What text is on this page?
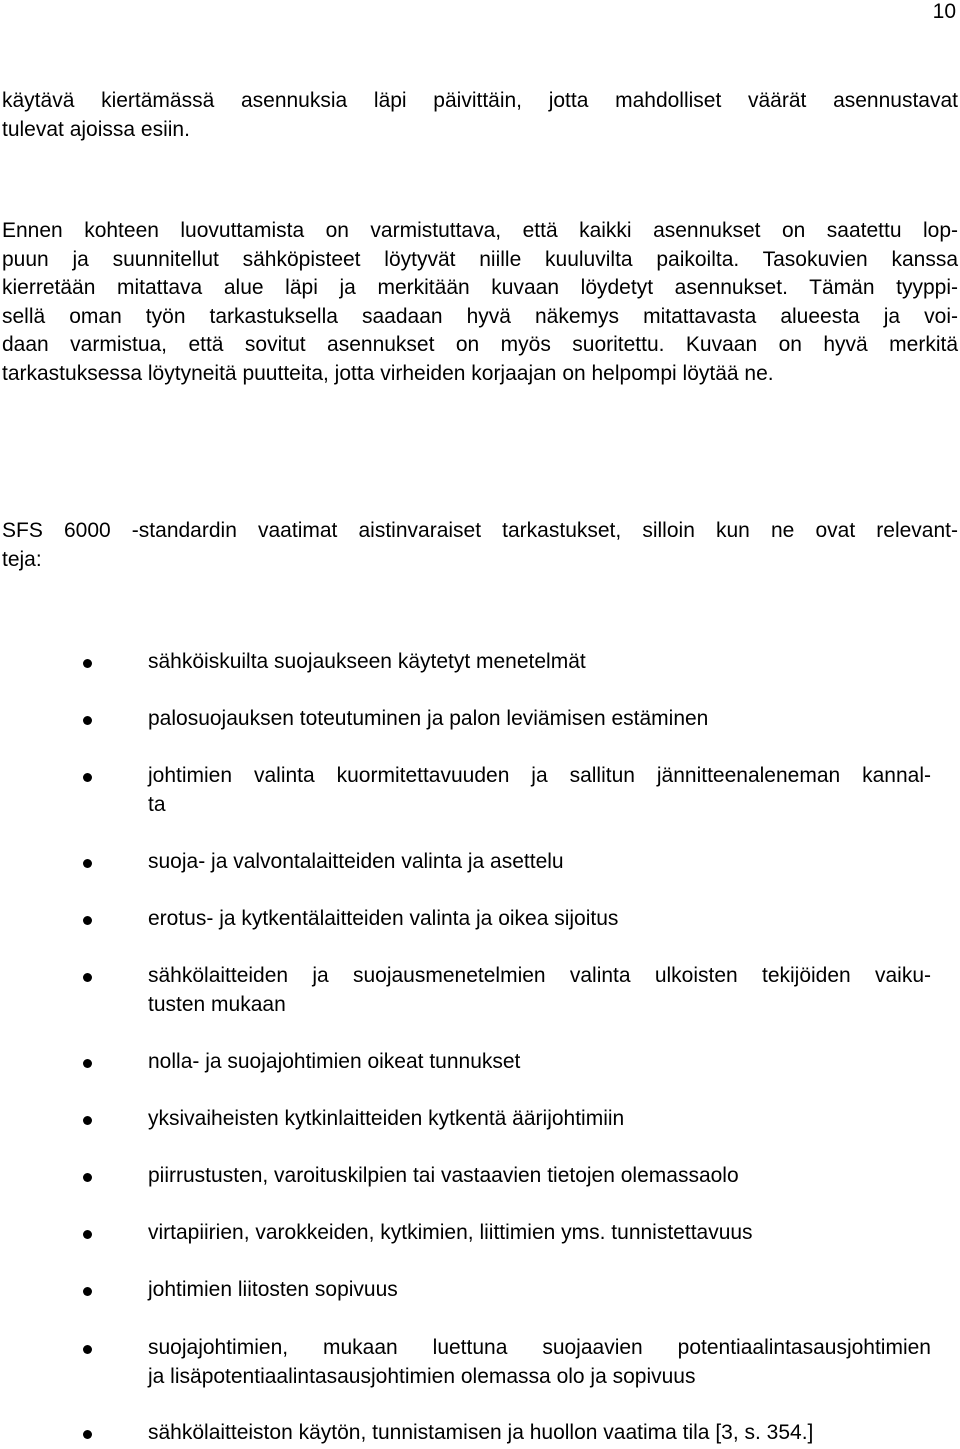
10

käytävä kiertämässä asennuksia läpi päivittäin, jotta mahdolliset väärät asennustavat
tulevat ajoissa esiin.

Ennen kohteen luovuttamista on varmistuttava, että kaikki asennukset on saatettu lop-
puun ja suunnitellut sähköpisteet löytyvät niille kuuluvilta paikoilta. Tasokuvien kanssa
kierretään mitattava alue läpi ja merkitään kuvaan löydetyt asennukset. Tämän tyyppi-
sellä oman työn tarkastuksella saadaan hyvä näkemys mitattavasta alueesta ja voi-
daan varmistua, että sovitut asennukset on myös suoritettu. Kuvaan on hyvä merkitä
tarkastuksessa löytyneitä puutteita, jotta virheiden korjaajan on helpompi löytää ne.

SFS 6000 -standardin vaatimat aistinvaraiset tarkastukset, silloin kun ne ovat relevant-
teja:

sähköiskuilta suojaukseen käytetyt menetelmät
palosuojauksen toteutuminen ja palon leviämisen estäminen
johtimien valinta kuormitettavuuden ja sallitun jännitteenaleneman kannal-
ta
suoja- ja valvontalaitteiden valinta ja asettelu
erotus- ja kytkentälaitteiden valinta ja oikea sijoitus
sähkölaitteiden ja suojausmenetelmien valinta ulkoisten tekijöiden vaiku-
tusten mukaan
nolla- ja suojajohtimien oikeat tunnukset
yksivaiheisten kytkinlaitteiden kytkentä äärijohtimiin
piirrustusten, varoituskilpien tai vastaavien tietojen olemassaolo
virtapiirien, varokkeiden, kytkimien, liittimien yms. tunnistettavuus
johtimien liitosten sopivuus
suojajohtimien, mukaan luettuna suojaavien potentiaalintasausjohtimien
ja lisäpotentiaalintasausjohtimien olemassa olo ja sopivuus
sähkölaitteiston käytön, tunnistamisen ja huollon vaatima tila [3, s. 354.]
